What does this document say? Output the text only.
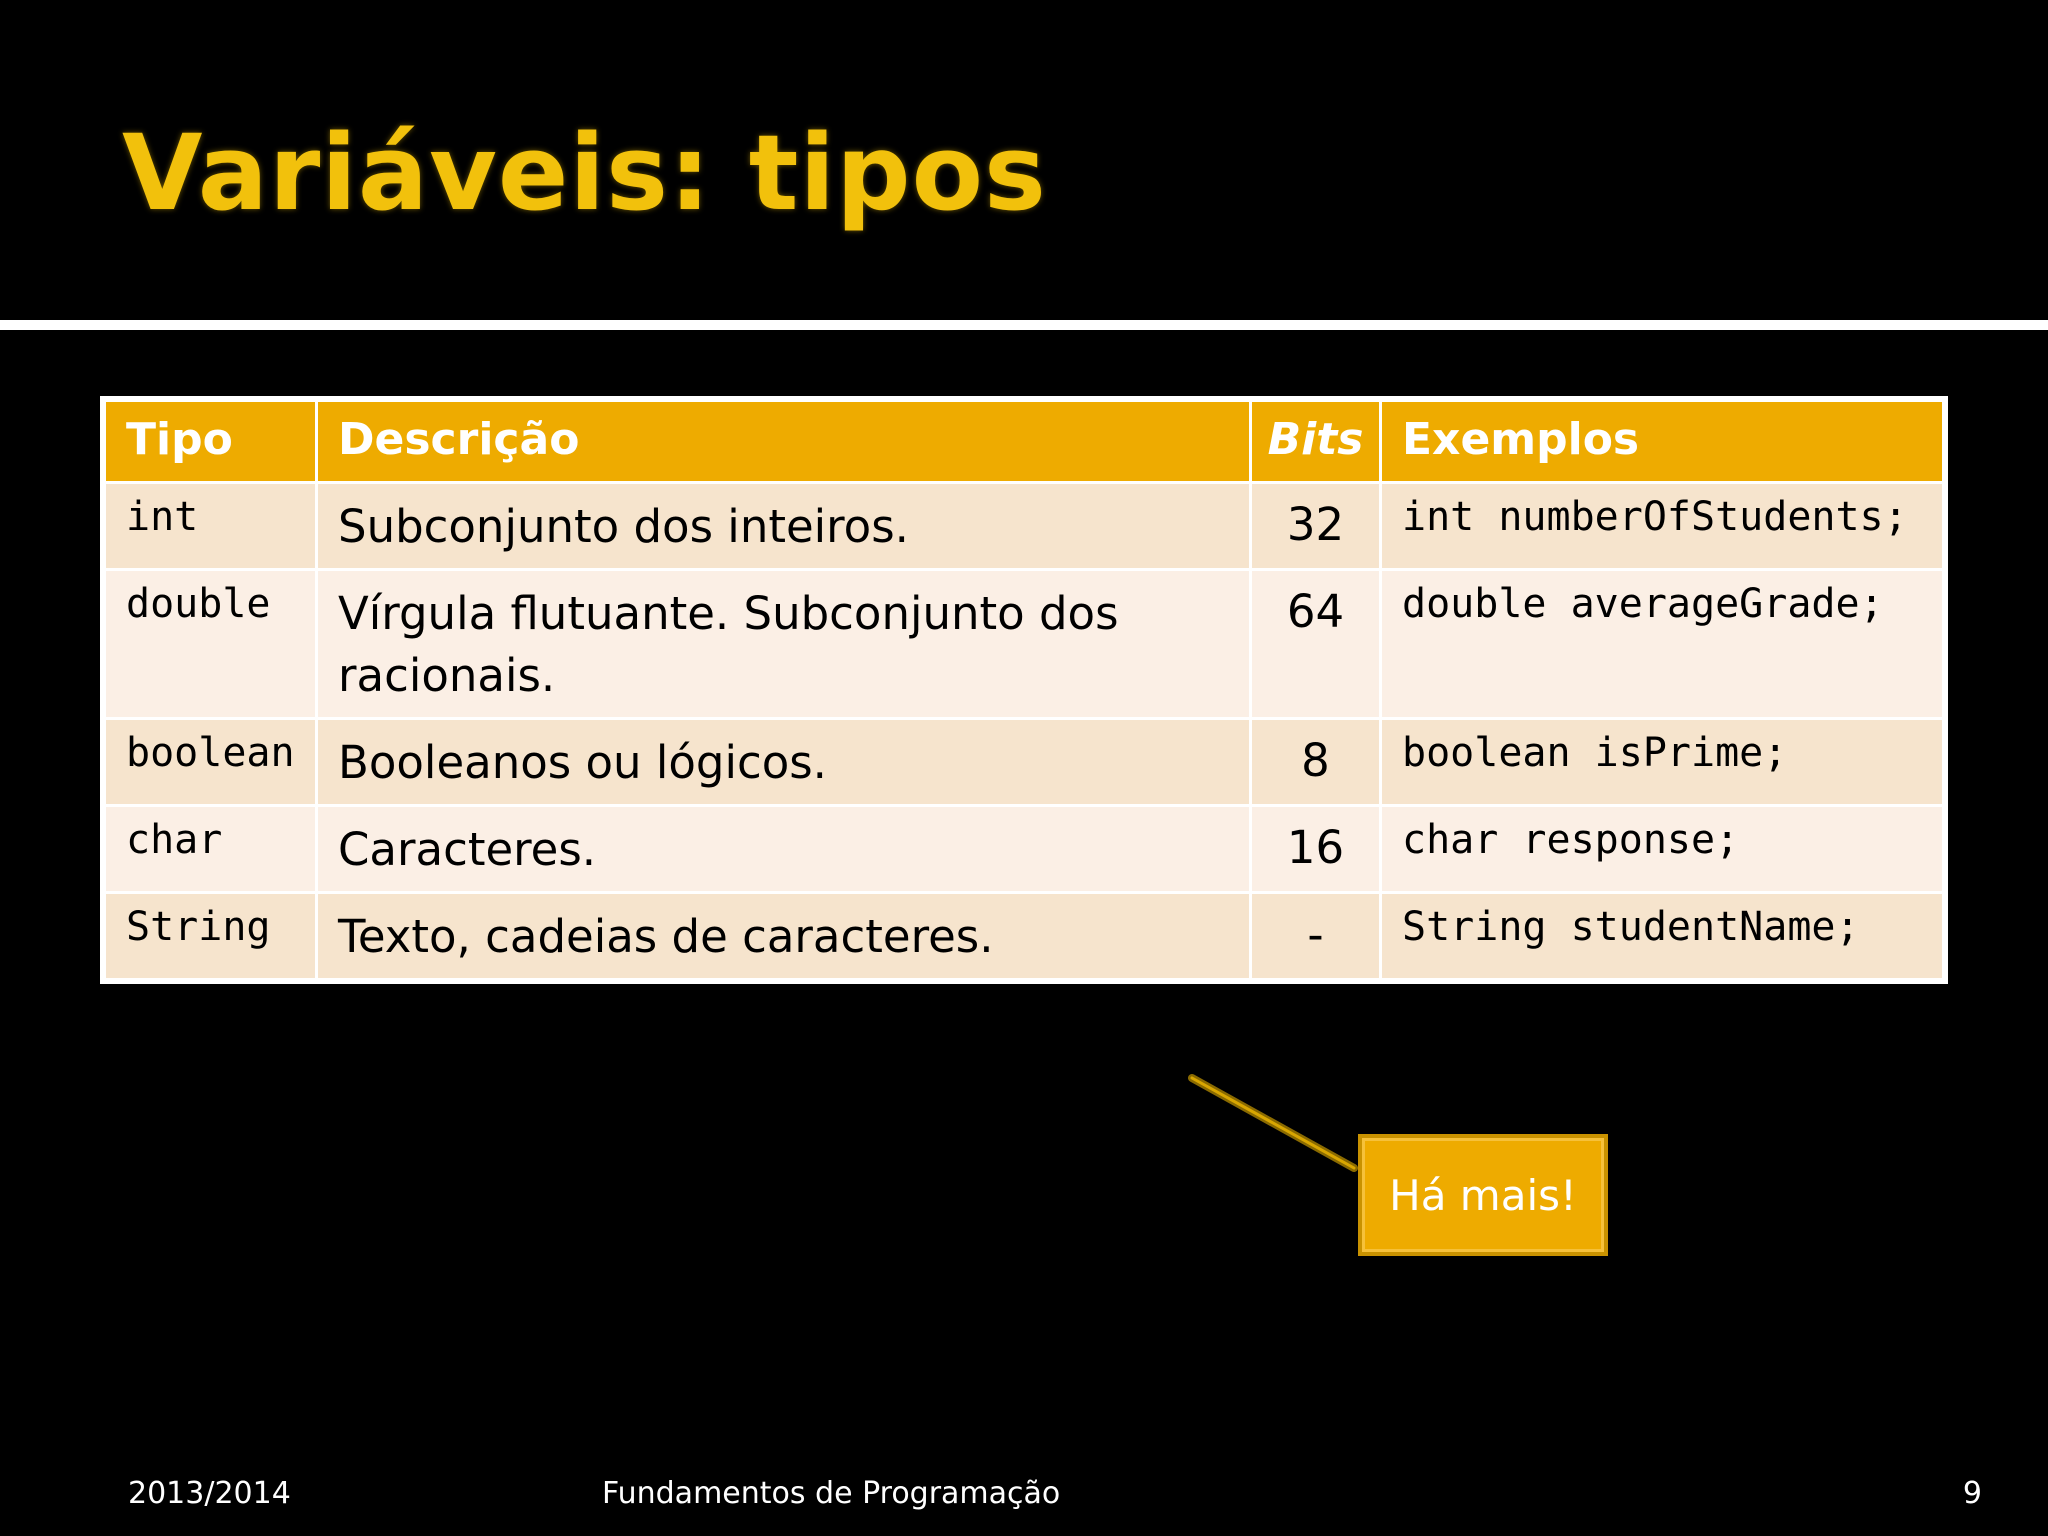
Variáveis: tipos
Tipo	Descrição	Bits	Exemplos
int	Subconjunto dos inteiros.	32	int numberOfStudents;
double	Vírgula flutuante. Subconjunto dos racionais.	64	double averageGrade;
boolean	Booleanos ou lógicos.	8	boolean isPrime;
char	Caracteres.	16	char response;
String	Texto, cadeias de caracteres.	-	String studentName;
Há mais!
2013/2014	Fundamentos de Programação	9
